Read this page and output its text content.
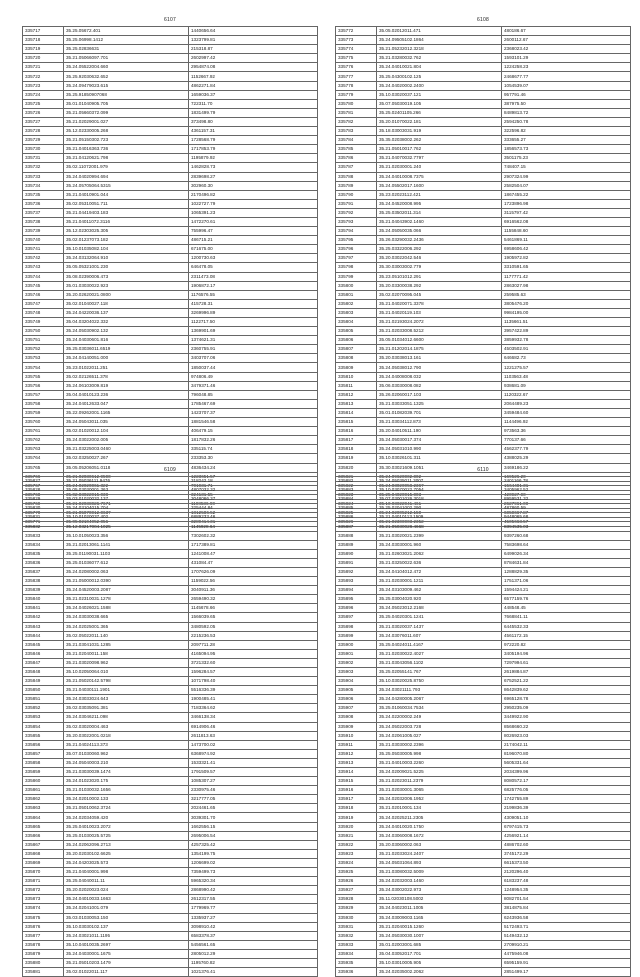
6107
335717	35.25.05672.401	1440656.64
335718	35.25.06998.1412	1323799.81
335719	35.25.02836631	215318.87
335720	35.21.05066097.701	2602997.42
335721	35.24.05522004.660	2954874.08
335722	35.25.92030632.652	1152667.92
335723	35.24.09479023.615	4862271.84
335724	35.25.91850907068	1659036.37
335725	35.01.01040905.705	722311.70
335726	35.21.05660372.099	1831499.79
335727	35.21.02029001.027	373498.80
335728	35.12.02330005.268	4361157.31
335729	35.21.05150302.723	1728568.79
335730	35.21.04016363.736	1717853.79
335731	35.21.04120621.798	1195879.92
335732	35.02.11072001.979	1462828.73
335733	35.24.04020994.694	2839698.27
335734	35.24.05705064.5315	302960.30
335735	35.21.04010901.044	2170496.82
335736	35.02.05310051.711	1022727.79
335737	35.21.04419403.183	1065391.23
335738	35.21.04011072.3116	1472270.61
335739	35.12.02303025.305	755996.47
335740	35.02.01237073.182	486715.21
335741	35.10.01035082.104	671675.00
335742	35.24.03132064.910	1200730.63
335743	35.05.05321001.230	646478.05
335744	35.08.02390006.473	2311473.08
335745	35.01.03030022.923	1906872.17
335746	35.20.02620021.0800	1176576.55
335747	35.02.01040027.118	415728.31
335748	35.24.04220036.137	3269996.89
335749	35.04.03204022.332	1122717.50
335750	35.24.05030902.132	1369901.69
335751	35.24.04030601.816	1374621.31
335752	35.25.03036011.6519	2360755.91
335753	35.24.04140051.000	3403707.06
335754	35.23.01022011.251	1850037.44
335755	35.02.02126511.378	974806.49
335756	35.24.06103009.819	3479371.46
335757	35.04.04010123.236	796048.85
335758	35.24.04012633.047	1785467.69
335759	35.22.09262001.1165	1423707.37
335760	35.24.05043011.035	1881546.58
335761	35.02.01020012.104	406479.15
335762	35.24.03022002.005	1817832.26
335763	35.21.03225003.0460	335115.74
335764	35.02.03250027.267	233353.30
335765	35.05.05206051.0118	4836434.24
335766	35.21.02030612.9590	1223651.57
335767	35.24.02020061.322	701931.71
335768	35.02.03022015.038	324131.55
335769	35.21.02038026.7671	1198536.90
335770	35.21.05070012.0637	1812586.52
335771	35.05.02104052.056	3289414.31
6108
335772	35.05.02012011.471	480186.67
335773	35.24.09505102.1864	2600112.67
335774	35.21.05232012.3218	2368023.42
335775	35.21.03280032.762	1593101.29
335776	35.24.04010021.804	1224258.23
335777	35.25.04300102.125	2468677.77
335778	35.24.04020002.2400	1054539.07
335779	35.10.03020037.121	957791.46
335780	35.07.05030019.105	387975.50
335781	35.25.02401105.266	8489813.72
335782	35.20.01070022.181	2594250.78
335783	35.18.03003031.919	322596.82
335784	35.35.02038002.262	333655.27
335785	35.21.05010017.762	1856573.73
335786	35.21.04070032.7797	3501175.23
335787	35.21.02030001.240	748407.15
335788	35.24.04010008.7375	2907324.99
335789	35.24.05502017.1600	2582504.07
335790	35.23.02023112.421	1867455.22
335791	35.24.04520008.995	1723896.98
335792	35.25.03502011.314	3115797.42
335793	35.21.04043902.1460	6916562.08
335794	35.24.05050035.066	1155848.60
335795	35.26.03290032.2436	5461869.11
335796	35.25.03322006.292	6958606.42
335797	35.20.03022042.546	1905972.82
335798	35.30.03003002.779	3310591.65
335799	35.23.05101012.291	1177771.42
335800	35.20.03300038.292	2863027.98
335801	35.02.02070095.045	259585.63
335802	35.21.04020071.3378	3805476.20
335803	35.21.04020119.103	9984195.00
335804	35.21.02193024.2072	1135661.51
335805	35.21.02033008.5212	3957422.89
335806	35.05.01034012.6600	3859932.78
335807	35.21.01202014.1875	4503502.91
335808	35.20.03038013.161	646682.73
335809	35.24.05038012.790	1221275.57
335810	35.24.04008008.032	1103563.48
335811	35.06.03030008.082	938681.09
335812	35.26.02060017.103	1120322.67
335813	35.21.03033051.1325	2064489.23
335814	35.01.01082039.701	3459484.60
335815	35.21.03034112.873	1144496.92
335816	35.20.04010511.190	973563.36
335817	35.24.05030017.374	770137.66
335818	35.24.05031010.990	4562377.79
335819	35.10.03026101.311	4388025.29
335820	35.30.03021609.1051	3469186.22
335821	35.24.09620002.002	169526.20
335822	35.24.03020058.2367	1564481.31
335823	35.25.04020015.003	420927.90
335824	35.10.03022041.461	2627961.00
335825	35.24.02005212.150	6050667.87
335826	35.21.02300003.2352	4505663.57
6109
335827	35.21.05036111.9476	318242.18
335828	35.05.03030001.363	4807032.32
335829	35.03.01020032.137	3048066.37
335830	35.24.03104015.704	325444.84
335831	35.10.01020037.402	6889233.46
335832	35.12.03217004.1025	1145928.64
335833	35.10.01050023.356	7302602.32
335834	35.21.02013061.1141	1717389.81
335835	35.25.01190031.1103	1241008.47
335836	35.25.01036077.612	431084.47
335837	35.24.02080002.063	1707626.09
335838	35.21.05000012.0390	1159022.56
335839	35.24.04520003.2087	3040911.36
335840	35.21.02310031.1278	2659490.32
335841	35.24.04026021.1588	1145678.66
335842	35.24.03030038.665	1566039.65
335843	35.24.02025001.365	3480592.05
335844	35.02.05022011.140	2215236.53
335845	35.21.03041031.1285	2097711.28
335846	35.21.02040011.158	4165094.95
335847	35.21.03020098.962	3721332.60
335848	35.10.02050064.010	1596284.57
335849	35.21.05020142.5798	1071798.40
335850	35.21.04030111.1901	5516336.39
335851	35.24.03033024.643	1900485.41
335852	35.02.03035091.381	7183364.62
335853	35.24.03046211.098	3466138.34
335854	35.02.03020004.463	6914906.46
335855	35.20.03022001.0218	2611813.63
335856	35.21.04024113.373	1473700.02
335857	35.07.01030060.962	6368974.92
335858	35.24.05040003.210	1533321.41
335859	35.21.03030039.1474	1791509.57
335860	35.24.01023020.175	1085307.27
335861	35.21.01030032.1656	2330975.46
335862	35.24.02010002.133	3217777.05
335863	35.21.05010062.3724	2024461.65
335864	35.24.02034059.420	3039301.70
335865	35.25.04010023.2072	1662556.15
335866	35.25.01030025.5725	2695006.54
335867	35.24.02062096.2713	4257325.42
335868	35.20.02030102.6625	1354199.75
335869	35.24.04203025.573	1206699.02
335870	35.21.04040001.998	7359499.73
335871	35.25.04040011.11	5965320.34
335872	35.20.02020023.024	2868990.42
335873	35.24.04010033.1663	2612317.55
335874	35.24.02041001.079	1779969.77
335875	35.03.01030053.150	1335937.27
335876	35.10.03030102.137	3098910.42
335877	35.24.03021011.1195	6583378.37
335878	35.10.04010035.2697	5456561.65
335879	35.24.04030001.1675	2805012.29
335880	35.21.05010203.1479	1195760.82
335881	35.02.01022011.117	1021376.41
6110
335882	35.24.05035011.3007	2401166.78
335883	35.10.03070022.7054	3405962.52
335884	35.07.03001026.3018	8959531.32
335885	35.25.02041002.290	487860.59
335886	35.21.04010113.1509	9448065.68
335887	35.21.05030028.4668	8394535.03
335888	35.21.03020021.2399	9397260.68
335889	35.24.03030001.960	7583698.64
335890	35.21.02603021.2062	6499026.34
335891	35.21.03250022.636	8784631.84
335892	35.24.04104012.472	1288829.35
335893	35.21.02030001.1211	1751371.06
335894	35.24.03103009.462	1594424.21
335895	35.25.03004020.920	6577159.76
335896	35.24.05023012.2168	448548.45
335897	35.25.04020301.1241	7668841.11
335898	35.21.03020037.1437	6445532.33
335899	35.24.03076011.607	4561172.15
335900	35.25.04024011.4167	972220.82
335901	35.21.02030022.4027	3405194.96
335902	35.21.03043056.1102	7297994.61
335903	35.25.02055141.767	2619884.87
335904	35.10.03020025.8750	6752521.22
335905	35.24.03021111.793	8642839.62
335906	35.24.04280005.2067	6965128.78
335907	35.25.01060034.7534	2950235.09
335908	35.24.02200002.249	3449922.90
335909	35.24.05022003.728	8568660.22
335910	35.24.02061005.027	8026923.03
335911	35.21.03030002.2396	2174042.11
335912	35.25.05030005.998	8196070.80
335913	35.21.04010003.2260	5605331.64
335914	35.24.02009021.5225	2034399.96
335915	35.21.02023011.2379	8080572.17
335916	35.21.02030001.3065	6825776.05
335917	35.24.02032006.1952	1742755.89
335918	35.21.02010001.134	2199836.39
335919	35.24.02025211.2305	4309051.10
335920	35.24.04010020.1750	6797415.73
335921	35.24.03060008.1672	4256921.14
335922	35.20.03060002.063	4886702.60
335923	35.21.02033024.2407	3745172.29
335924	35.24.05031064.893	6615373.50
335925	35.21.03080032.5009	2120296.40
335926	35.24.02032003.1460	6183237.48
335927	35.24.03002022.973	1248954.35
335928	35.11.02030108.5002	8082701.54
335929	35.24.04023011.1005	3814875.84
335930	35.24.03009003.1165	6243936.58
335931	35.21.02040015.1260	5172493.71
335932	35.24.05030030.1007	5149432.12
335933	35.01.02003001.685	2709910.21
335934	35.04.03052017.701	4475946.08
335935	35.10.03010005.905	6595159.91
335936	35.24.02035002.2062	2851499.17
